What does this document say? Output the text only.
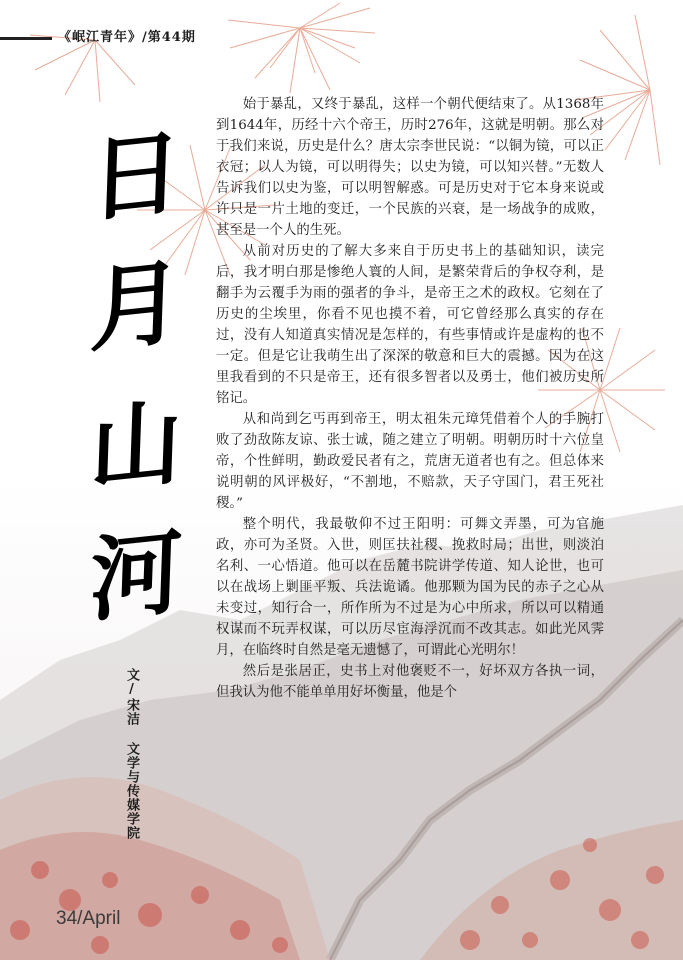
《岷江青年》/第44期
日
月
山
河
文/宋洁 文学与传媒学院

始于暴乱，又终于暴乱，这样一个朝代便结束了。从1368年到1644年，历经十六个帝王，历时276年，这就是明朝。那么对于我们来说，历史是什么？唐太宗李世民说：“以铜为镜，可以正衣冠；以人为镜，可以明得失；以史为镜，可以知兴替。”无数人告诉我们以史为鉴，可以明智解惑。可是历史对于它本身来说或许只是一片土地的变迁，一个民族的兴衰，是一场战争的成败，甚至是一个人的生死。

从前对历史的了解大多来自于历史书上的基础知识，读完后，我才明白那是惨绝人寰的人间，是繁荣背后的争权夺利，是翻手为云覆手为雨的强者的争斗，是帝王之术的政权。它刻在了历史的尘埃里，你看不见也摸不着，可它曾经那么真实的存在过，没有人知道真实情况是怎样的，有些事情或许是虚构的也不一定。但是它让我萌生出了深深的敬意和巨大的震撼。因为在这里我看到的不只是帝王，还有很多智者以及勇士，他们被历史所铭记。

从和尚到乞丐再到帝王，明太祖朱元璋凭借着个人的手腕打败了劲敌陈友谅、张士诚，随之建立了明朝。明朝历时十六位皇帝，个性鲜明，勤政爱民者有之，荒唐无道者也有之。但总体来说明朝的风评极好，“不割地，不赔款，天子守国门，君王死社稷。”

整个明代，我最敬仰不过王阳明：可舞文弄墨，可为官施政，亦可为圣贤。入世，则匡扶社稷、挽救时局；出世，则淡泊名利、一心悟道。他可以在岳麓书院讲学传道、知人论世，也可以在战场上剿匪平叛、兵法诡谲。他那颗为国为民的赤子之心从未变过，知行合一，所作所为不过是为心中所求，所以可以精通权谋而不玩弄权谋，可以历尽宦海浮沉而不改其志。如此光风霁月，在临终时自然是毫无遗憾了，可谓此心光明尔！

然后是张居正，史书上对他褒贬不一，好坏双方各执一词，但我认为他不能单单用好坏衡量，他是个

34/April
